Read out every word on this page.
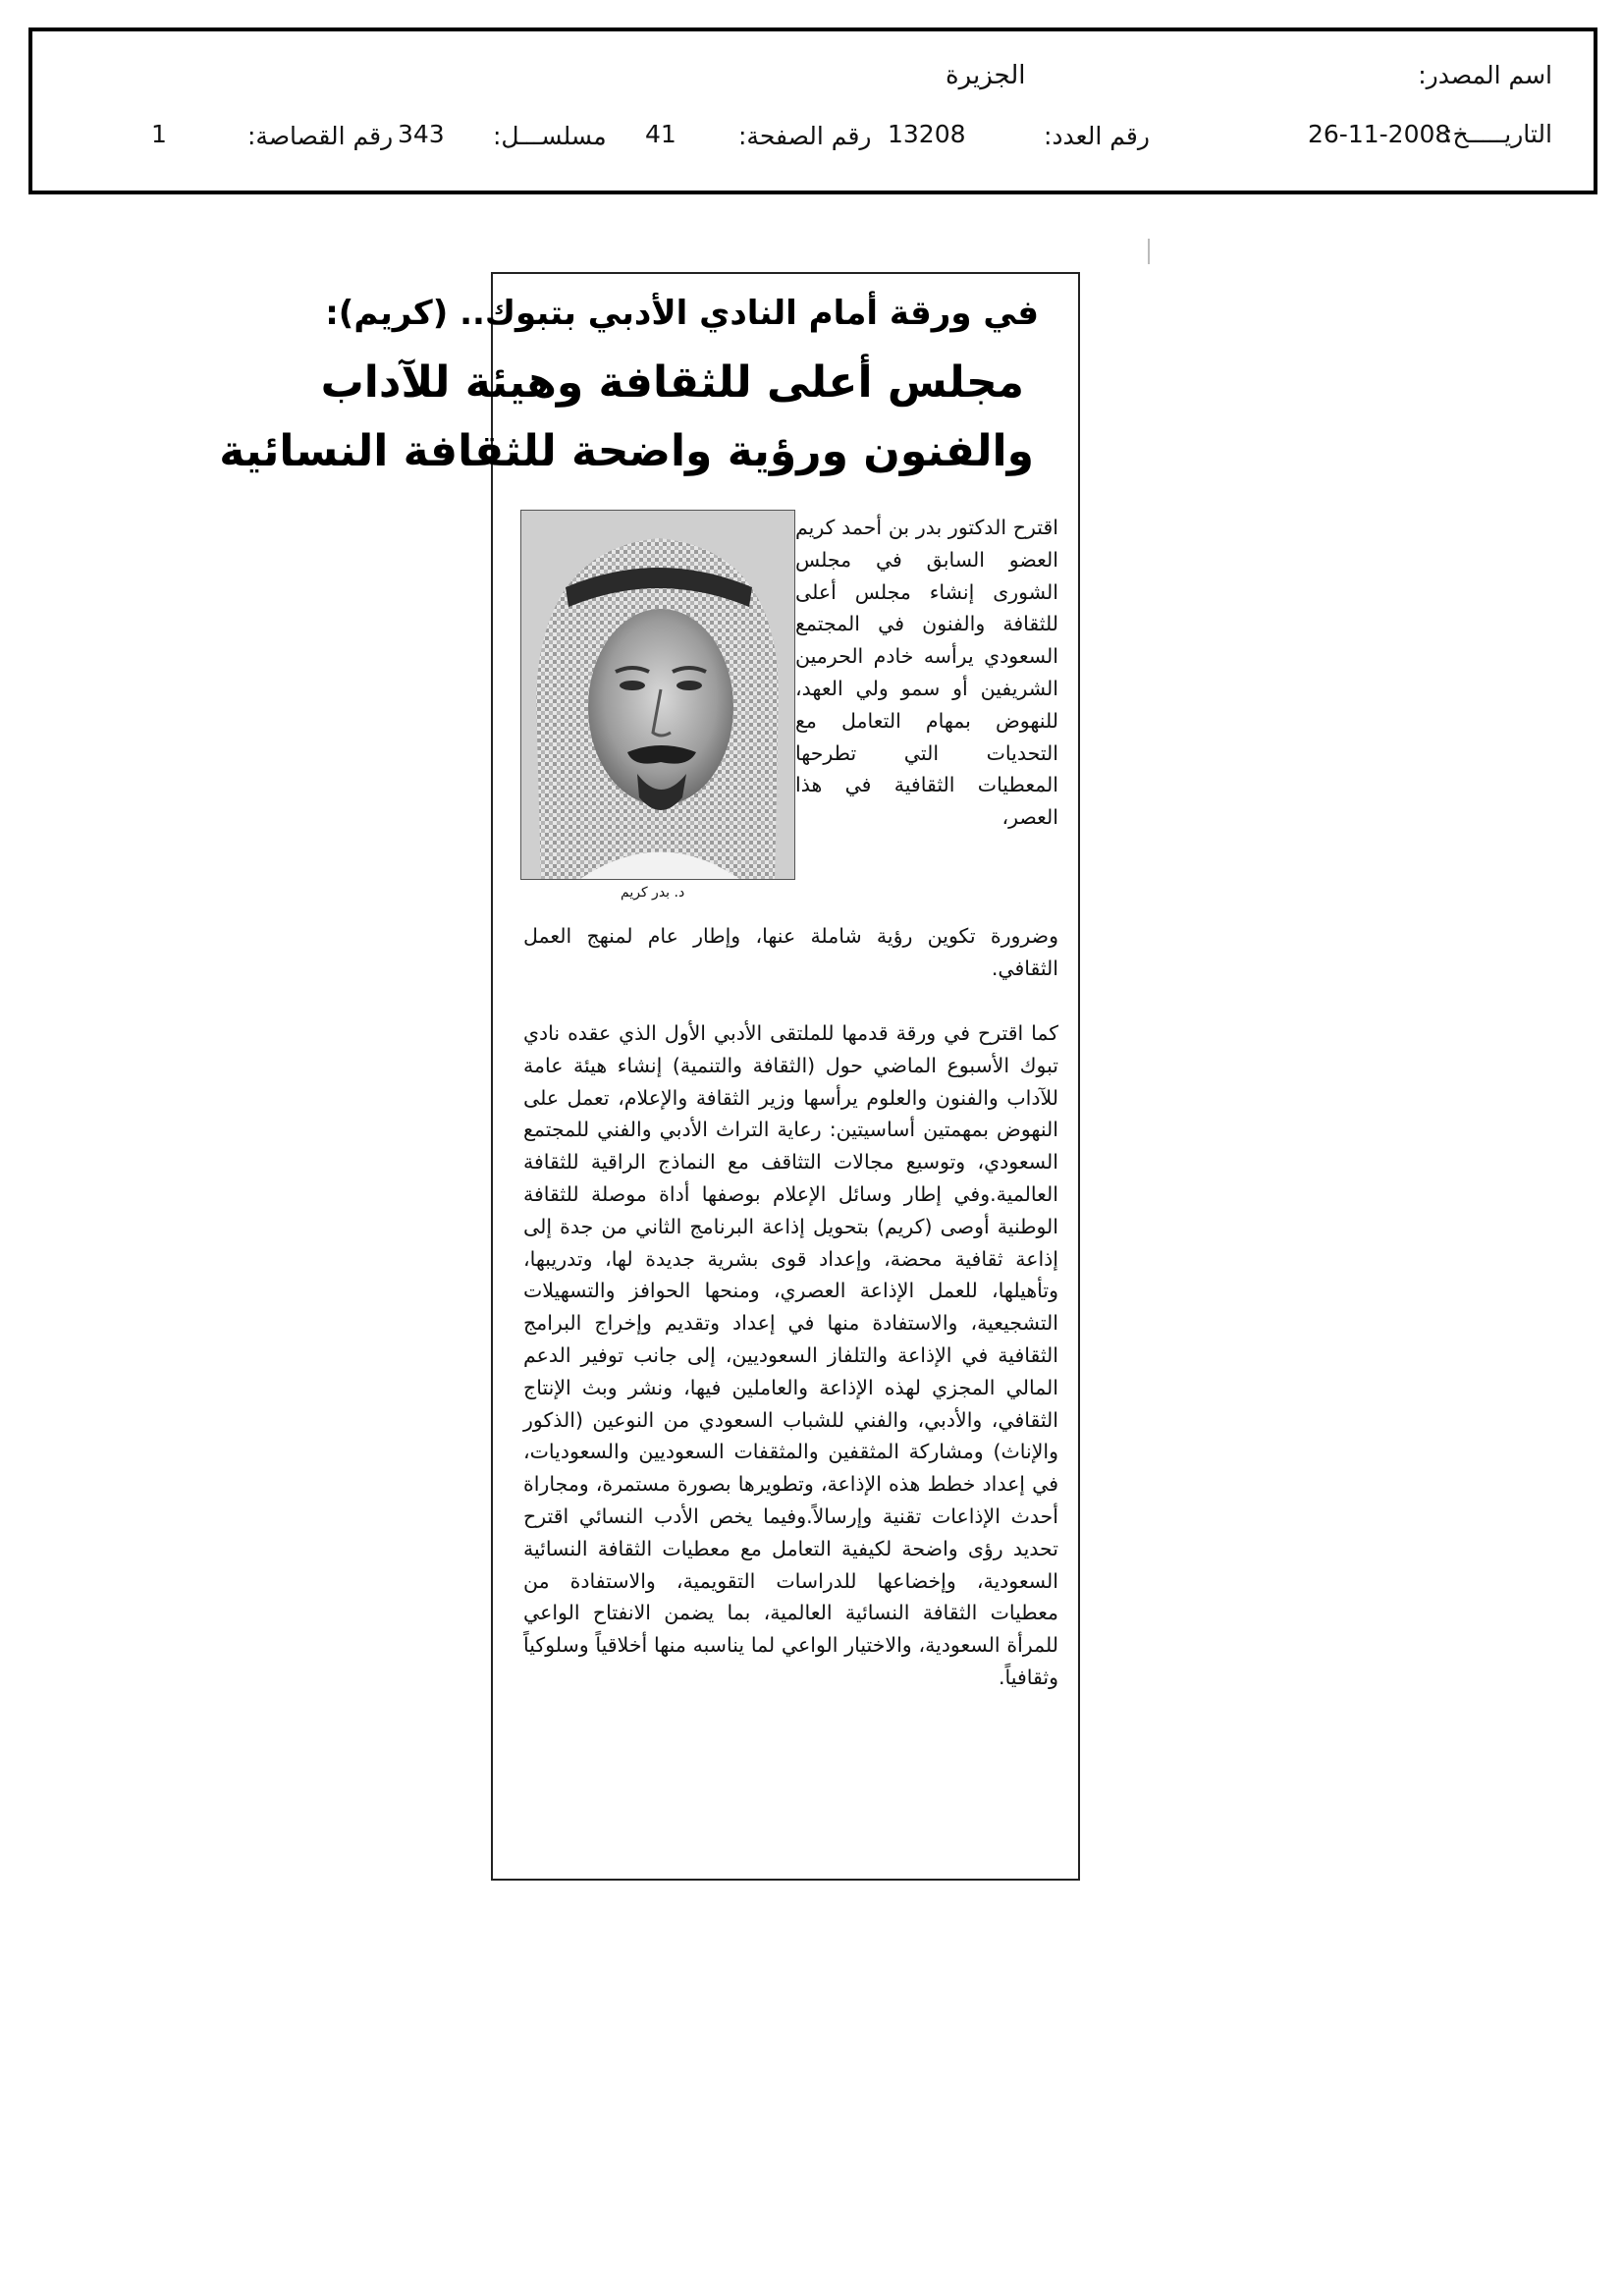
اسم المصدر:
الجزيرة
التاريـــــخ:
26-11-2008
رقم العدد:
13208
رقم الصفحة:
41
مسلســـل:
343
رقم القصاصة:
1
في ورقة أمام النادي الأدبي بتبوك.. (كريم):
مجلس أعلى للثقافة وهيئة للآداب
والفنون ورؤية واضحة للثقافة النسائية
د. بدر كريم
اقترح الدكتور بدر بن أحمد كريم العضو السابق في مجلس الشورى إنشاء مجلس أعلى للثقافة والفنون في المجتمع السعودي يرأسه خادم الحرمين الشريفين أو سمو ولي العهد، للنهوض بمهام التعامل مع التحديات التي تطرحها المعطيات الثقافية في هذا العصر،
وضرورة تكوين رؤية شاملة عنها، وإطار عام لمنهج العمل الثقافي.
كما اقترح في ورقة قدمها للملتقى الأدبي الأول الذي عقده نادي تبوك الأسبوع الماضي حول (الثقافة والتنمية) إنشاء هيئة عامة للآداب والفنون والعلوم يرأسها وزير الثقافة والإعلام، تعمل على النهوض بمهمتين أساسيتين: رعاية التراث الأدبي والفني للمجتمع السعودي، وتوسيع مجالات التثاقف مع النماذج الراقية للثقافة العالمية.وفي إطار وسائل الإعلام بوصفها أداة موصلة للثقافة الوطنية أوصى (كريم) بتحويل إذاعة البرنامج الثاني من جدة إلى إذاعة ثقافية محضة، وإعداد قوى بشرية جديدة لها، وتدريبها، وتأهيلها، للعمل الإذاعة العصري، ومنحها الحوافز والتسهيلات التشجيعية، والاستفادة منها في إعداد وتقديم وإخراج البرامج الثقافية في الإذاعة والتلفاز السعوديين، إلى جانب توفير الدعم المالي المجزي لهذه الإذاعة والعاملين فيها، ونشر وبث الإنتاج الثقافي، والأدبي، والفني للشباب السعودي من النوعين (الذكور والإناث) ومشاركة المثقفين والمثقفات السعوديين والسعوديات، في إعداد خطط هذه الإذاعة، وتطويرها بصورة مستمرة، ومجاراة أحدث الإذاعات تقنية وإرسالاً.وفيما يخص الأدب النسائي اقترح تحديد رؤى واضحة لكيفية التعامل مع معطيات الثقافة النسائية السعودية، وإخضاعها للدراسات التقويمية، والاستفادة من معطيات الثقافة النسائية العالمية، بما يضمن الانفتاح الواعي للمرأة السعودية، والاختيار الواعي لما يناسبه منها أخلاقياً وسلوكياً وثقافياً.
